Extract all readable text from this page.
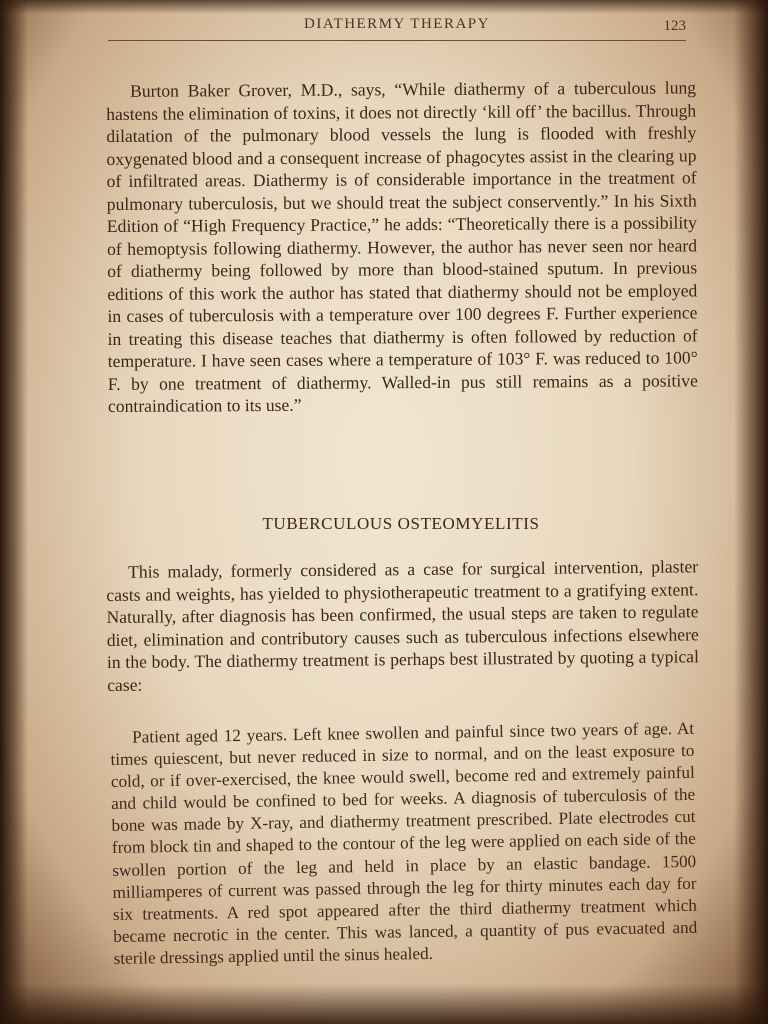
DIATHERMY THERAPY	123

Burton Baker Grover, M.D., says, “While diathermy of a tuberculous lung hastens the elimination of toxins, it does not directly ‘kill off’ the bacillus. Through dilatation of the pulmonary blood vessels the lung is flooded with freshly oxygenated blood and a consequent increase of phagocytes assist in the clearing up of infiltrated areas. Diathermy is of considerable importance in the treatment of pulmonary tuberculosis, but we should treat the subject conservently.” In his Sixth Edition of “High Frequency Practice,” he adds: “Theoretically there is a possibility of hemoptysis following diathermy. However, the author has never seen nor heard of diathermy being followed by more than blood-stained sputum. In previous editions of this work the author has stated that diathermy should not be employed in cases of tuberculosis with a temperature over 100 degrees F. Further experience in treating this disease teaches that diathermy is often followed by reduction of temperature. I have seen cases where a temperature of 103° F. was reduced to 100° F. by one treatment of diathermy. Walled-in pus still remains as a positive contraindication to its use.”

TUBERCULOUS OSTEOMYELITIS

This malady, formerly considered as a case for surgical intervention, plaster casts and weights, has yielded to physiotherapeutic treatment to a gratifying extent. Naturally, after diagnosis has been confirmed, the usual steps are taken to regulate diet, elimination and contributory causes such as tuberculous infections elsewhere in the body. The diathermy treatment is perhaps best illustrated by quoting a typical case:

Patient aged 12 years. Left knee swollen and painful since two years of age. At times quiescent, but never reduced in size to normal, and on the least exposure to cold, or if over-exercised, the knee would swell, become red and extremely painful and child would be confined to bed for weeks. A diagnosis of tuberculosis of the bone was made by X-ray, and diathermy treatment prescribed. Plate electrodes cut from block tin and shaped to the contour of the leg were applied on each side of the swollen portion of the leg and held in place by an elastic bandage. 1500 milliamperes of current was passed through the leg for thirty minutes each day for six treatments. A red spot appeared after the third diathermy treatment which became necrotic in the center. This was lanced, a quantity of pus evacuated and sterile dressings applied until the sinus healed.
